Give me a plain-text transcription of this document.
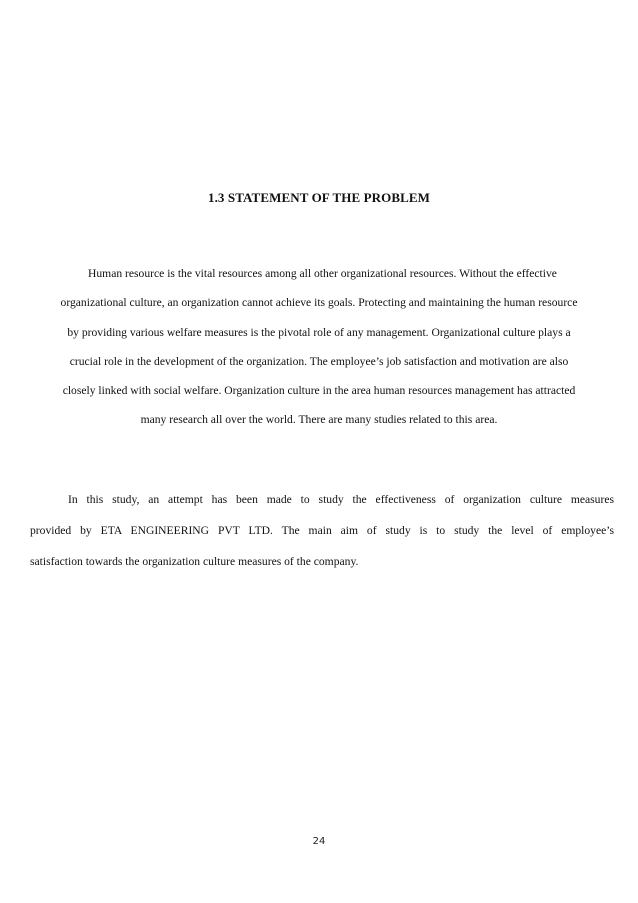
1.3 STATEMENT OF THE PROBLEM
Human resource is the vital resources among all other organizational resources. Without the effective
organizational culture, an organization cannot achieve its goals. Protecting and maintaining the human resource
by providing various welfare measures is the pivotal role of any management. Organizational culture plays a
crucial role in the development of the organization. The employee’s job satisfaction and motivation are also
closely linked with social welfare. Organization culture in the area human resources management has attracted
many research all over the world. There are many studies related to this area.
In this study, an attempt has been made to study the effectiveness of organization culture measures
provided by ETA ENGINEERING PVT LTD. The main aim of study is to study the level of employee’s
satisfaction towards the organization culture measures of the company.
24
